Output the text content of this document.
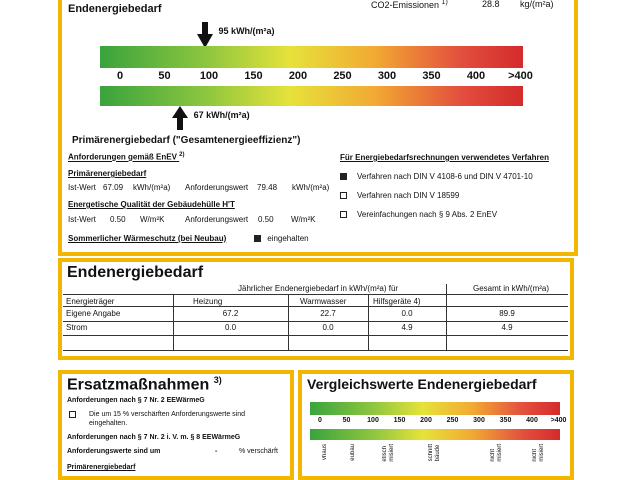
Endenergiebedarf	CO2-Emissionen $^{1)}$	28.8 kg/(m²a)
95 kWh/(m²a)
0	50	100	150	200	250	300	350	400	>400
67 kWh/(m²a)
Primärenergiebedarf ("Gesamtenergieeffizienz")
Anforderungen gemäß EnEV $^{2)}$
Primärenergiebedarf
Ist-Wert 67.09 kWh/(m²a) Anforderungswert 79.48 kWh/(m²a)
Energetische Qualität der Gebäudehülle H'T
Ist-Wert 0.50 W/m²K	Anforderungswert 0.50 W/m²K
Sommerlicher Wärmeschutz (bei Neubau)	eingehalten
Für Energiebedarfsrechnungen verwendetes Verfahren
Verfahren nach DIN V 4108-6 und DIN V 4701-10
Verfahren nach DIN V 18599
Vereinfachungen nach § 9 Abs. 2 EnEV
Endenergiebedarf
Jährlicher Endenergiebedarf in kWh/(m²a) für	Gesamt in kWh/(m²a)
Energieträger	Heizung	Warmwasser	Hilfsgeräte 4)
Eigene Angabe	67.2	22.7	0.0	89.9
Strom	0.0	0.0	4.9	4.9
Ersatzmaßnahmen $^{3)}$
Anforderungen nach § 7 Nr. 2 EEWärmeG
Die um 15 % verschärften Anforderungswerte sind eingehalten.
Anforderungen nach § 7 Nr. 2 i. V. m. § 8 EEWärmeG
Anforderungswerte sind um	-	% verschärft
Primärenergiebedarf
Vergleichswerte Endenergiebedarf
0	50	100	150	200	250	300	350	400	>400
vhaus	eubau	etisch
misiert	schnitt
bäude	nicht
misiert	nicht
misiert
